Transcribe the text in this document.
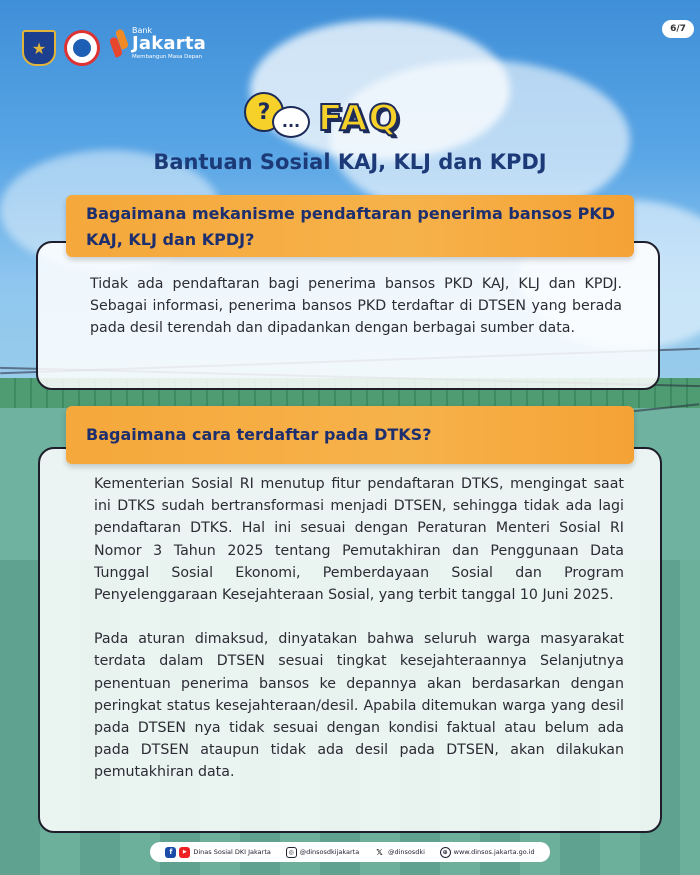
★
Bank
Jakarta
Membangun Masa Depan
6/7
? ... FAQ
Bantuan Sosial KAJ, KLJ dan KPDJ
Bagaimana mekanisme pendaftaran penerima bansos PKD KAJ, KLJ dan KPDJ?

Tidak ada pendaftaran bagi penerima bansos PKD KAJ, KLJ dan KPDJ. Sebagai informasi, penerima bansos PKD terdaftar di DTSEN yang berada pada desil terendah dan dipadankan dengan berbagai sumber data.

Bagaimana cara terdaftar pada DTKS?

Kementerian Sosial RI menutup fitur pendaftaran DTKS, mengingat saat ini DTKS sudah bertransformasi menjadi DTSEN, sehingga tidak ada lagi pendaftaran DTKS. Hal ini sesuai dengan Peraturan Menteri Sosial RI Nomor 3 Tahun 2025 tentang Pemutakhiran dan Penggunaan Data Tunggal Sosial Ekonomi, Pemberdayaan Sosial dan Program Penyelenggaraan Kesejahteraan Sosial, yang terbit tanggal 10 Juni 2025.

Pada aturan dimaksud, dinyatakan bahwa seluruh warga masyarakat terdata dalam DTSEN sesuai tingkat kesejahteraannya Selanjutnya penentuan penerima bansos ke depannya akan berdasarkan dengan peringkat status kesejahteraan/desil. Apabila ditemukan warga yang desil pada DTSEN nya tidak sesuai dengan kondisi faktual atau belum ada pada DTSEN ataupun tidak ada desil pada DTSEN, akan dilakukan pemutakhiran data.

f	▶	Dinas Sosial DKI Jakarta	◎ @dinsosdkijakarta 𝕏 @dinsosdki	⊕ www.dinsos.jakarta.go.id
